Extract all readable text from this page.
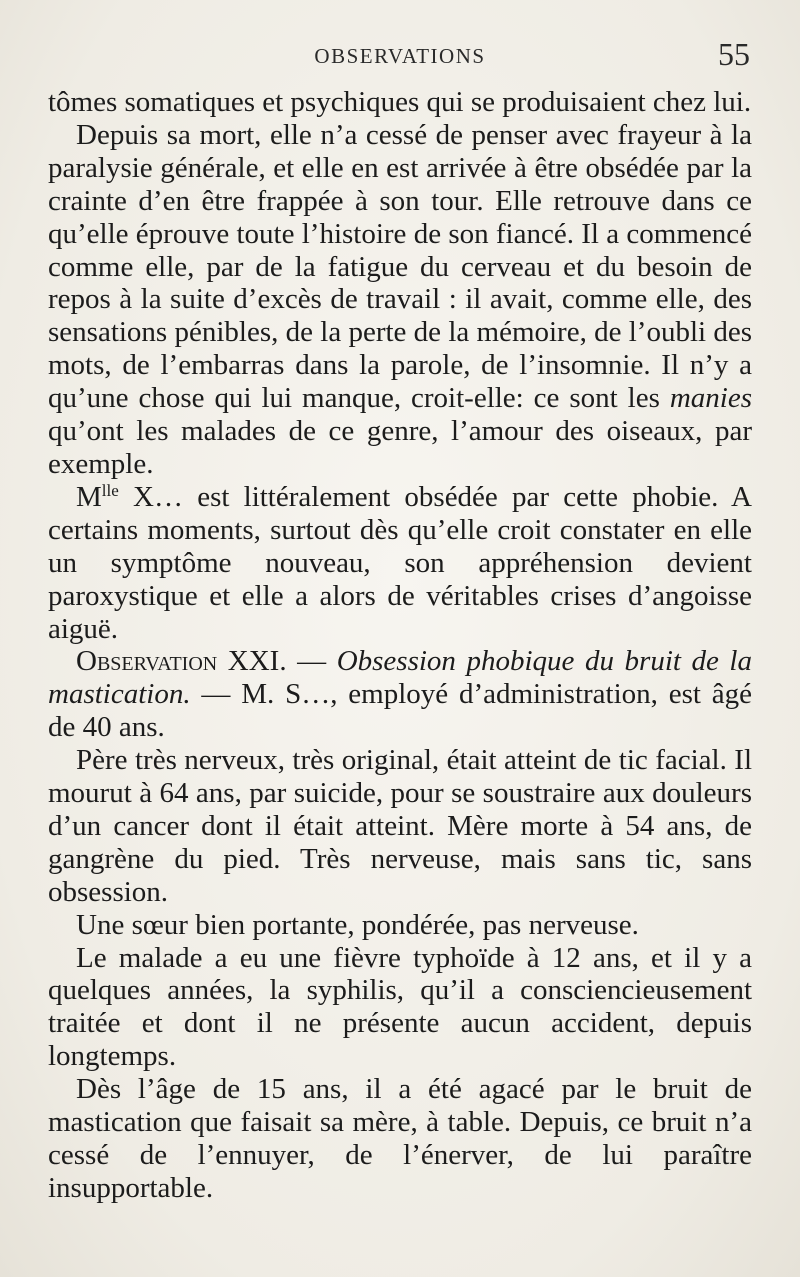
OBSERVATIONS	55

tômes somatiques et psychiques qui se produisaient chez lui.

Depuis sa mort, elle n’a cessé de penser avec frayeur à la paralysie générale, et elle en est arrivée à être obsédée par la crainte d’en être frappée à son tour. Elle retrouve dans ce qu’elle éprouve toute l’histoire de son fiancé. Il a commencé comme elle, par de la fatigue du cerveau et du besoin de repos à la suite d’excès de travail : il avait, comme elle, des sensations pénibles, de la perte de la mémoire, de l’oubli des mots, de l’embarras dans la parole, de l’insomnie. Il n’y a qu’une chose qui lui manque, croit-elle: ce sont les manies qu’ont les malades de ce genre, l’amour des oiseaux, par exemple.

$M^{lle}$ X… est littéralement obsédée par cette phobie. A certains moments, surtout dès qu’elle croit constater en elle un symptôme nouveau, son appréhension devient paroxystique et elle a alors de véritables crises d’angoisse aiguë.

Observation XXI. — Obsession phobique du bruit de la mastication. — M. S…, employé d’administration, est âgé de 40 ans.

Père très nerveux, très original, était atteint de tic facial. Il mourut à 64 ans, par suicide, pour se soustraire aux douleurs d’un cancer dont il était atteint. Mère morte à 54 ans, de gangrène du pied. Très nerveuse, mais sans tic, sans obsession.

Une sœur bien portante, pondérée, pas nerveuse.

Le malade a eu une fièvre typhoïde à 12 ans, et il y a quelques années, la syphilis, qu’il a consciencieusement traitée et dont il ne présente aucun accident, depuis longtemps.

Dès l’âge de 15 ans, il a été agacé par le bruit de mastication que faisait sa mère, à table. Depuis, ce bruit n’a cessé de l’ennuyer, de l’énerver, de lui paraître insupportable.
